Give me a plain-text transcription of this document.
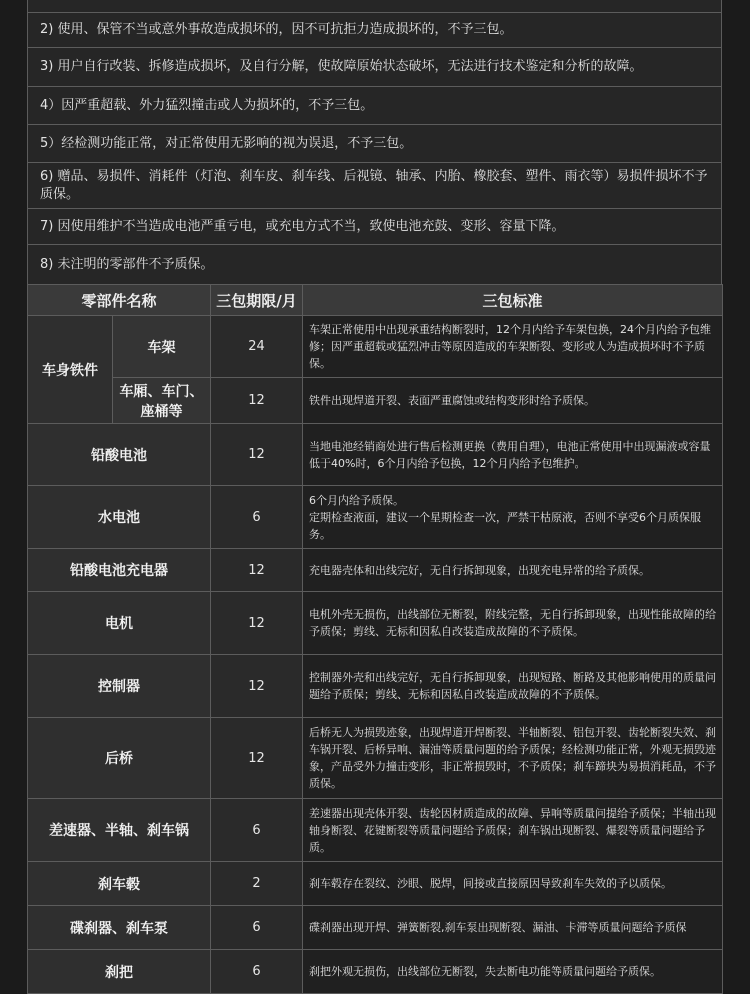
2) 使用、保管不当或意外事故造成损坏的，因不可抗拒力造成损坏的，不予三包。
3) 用户自行改装、拆修造成损坏，及自行分解，使故障原始状态破坏，无法进行技术鉴定和分析的故障。
4）因严重超载、外力猛烈撞击或人为损坏的，不予三包。
5）经检测功能正常，对正常使用无影响的视为误退，不予三包。
6) 赠品、易损件、消耗件（灯泡、刹车皮、刹车线、后视镜、轴承、内胎、橡胶套、塑件、雨衣等）易损件损坏不予质保。
7) 因使用维护不当造成电池严重亏电，或充电方式不当，致使电池充鼓、变形、容量下降。
8) 未注明的零部件不予质保。
零部件名称		三包期限/月	三包标准
车身铁件	车架	24	车架正常使用中出现承重结构断裂时，12个月内给予车架包换，24个月内给予包维修；因严重超载或猛烈冲击等原因造成的车架断裂、变形或人为造成损坏时不予质保。
	车厢、车门、座桶等	12	铁件出现焊道开裂、表面严重腐蚀或结构变形时给予质保。
铅酸电池		12	当地电池经销商处进行售后检测更换（费用自理），电池正常使用中出现漏液或容量低于40%时，6个月内给予包换，12个月内给予包维护。
水电池		6	6个月内给予质保。
定期检查液面，建议一个星期检查一次，严禁干枯原液，否则不享受6个月质保服务。

铅酸电池充电器		12	充电器壳体和出线完好，无自行拆卸现象，出现充电异常的给予质保。
电机		12	电机外壳无损伤，出线部位无断裂，附线完整，无自行拆卸现象，出现性能故障的给予质保；剪线、无标和因私自改装造成故障的不予质保。
控制器		12	控制器外壳和出线完好，无自行拆卸现象，出现短路、断路及其他影响使用的质量问题给予质保；剪线、无标和因私自改装造成故障的不予质保。
后桥		12	后桥无人为损毁迹象，出现焊道开焊断裂、半轴断裂、铝包开裂、齿轮断裂失效、刹车锅开裂、后桥异响、漏油等质量问题的给予质保；经检测功能正常，外观无损毁迹象，产品受外力撞击变形，非正常损毁时，不予质保；刹车蹄块为易损消耗品，不予质保。
差速器、半轴、刹车锅		6	差速器出现壳体开裂、齿轮因材质造成的故障、异响等质量问提给予质保；半轴出现轴身断裂、花键断裂等质量问题给予质保；刹车锅出现断裂、爆裂等质量问题给予质。
刹车毂		2	刹车毂存在裂纹、沙眼、脱焊，间接或直接原因导致刹车失效的予以质保。
碟刹器、刹车泵		6	碟刹器出现开焊、弹簧断裂,刹车泵出现断裂、漏油、卡滞等质量问题给予质保
刹把		6	刹把外观无损伤，出线部位无断裂，失去断电功能等质量问题给予质保。
